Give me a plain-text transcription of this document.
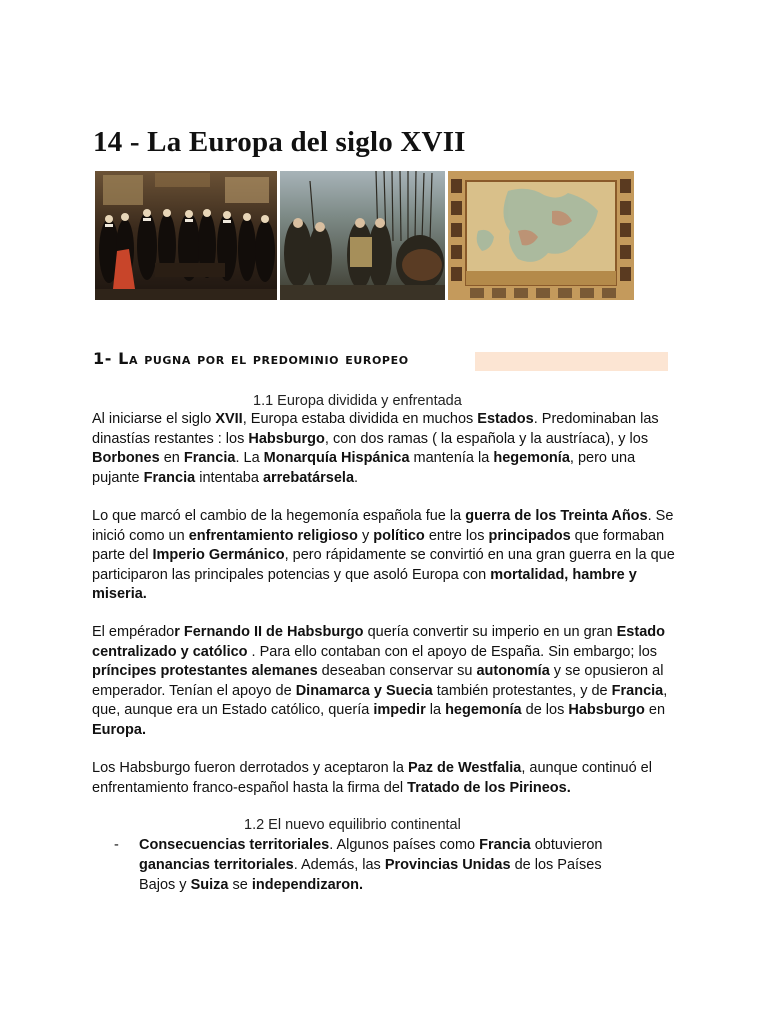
14 - La Europa del siglo XVII
1- La pugna por el predominio europeo
1.1 Europa dividida y enfrentada

Al iniciarse el siglo XVII, Europa estaba dividida en muchos Estados. Predominaban las dinastías restantes : los Habsburgo, con dos ramas ( la española y la austríaca), y los Borbones en Francia. La Monarquía Hispánica mantenía la hegemonía, pero una pujante Francia intentaba arrebatársela.

Lo que marcó el cambio de la hegemonía española fue la guerra de los Treinta Años. Se inició como un enfrentamiento religioso y político entre los principados que formaban parte del Imperio Germánico, pero rápidamente se convirtió en una gran guerra en la que participaron las principales potencias y que asoló Europa con mortalidad, hambre y miseria.

El empérador Fernando II de Habsburgo quería convertir su imperio en un gran Estado centralizado y católico . Para ello contaban con el apoyo de España. Sin embargo; los príncipes protestantes alemanes deseaban conservar su autonomía y se opusieron al emperador. Tenían el apoyo de Dinamarca y Suecia también protestantes, y de Francia, que, aunque era un Estado católico, quería impedir la hegemonía de los Habsburgo en Europa.

Los Habsburgo fueron derrotados y aceptaron la Paz de Westfalia, aunque continuó el enfrentamiento franco-español hasta la firma del Tratado de los Pirineos.

1.2 El nuevo equilibrio continental
- Consecuencias territoriales. Algunos países como Francia obtuvieron ganancias territoriales. Además, las Provincias Unidas de los Países Bajos y Suiza se independizaron.
